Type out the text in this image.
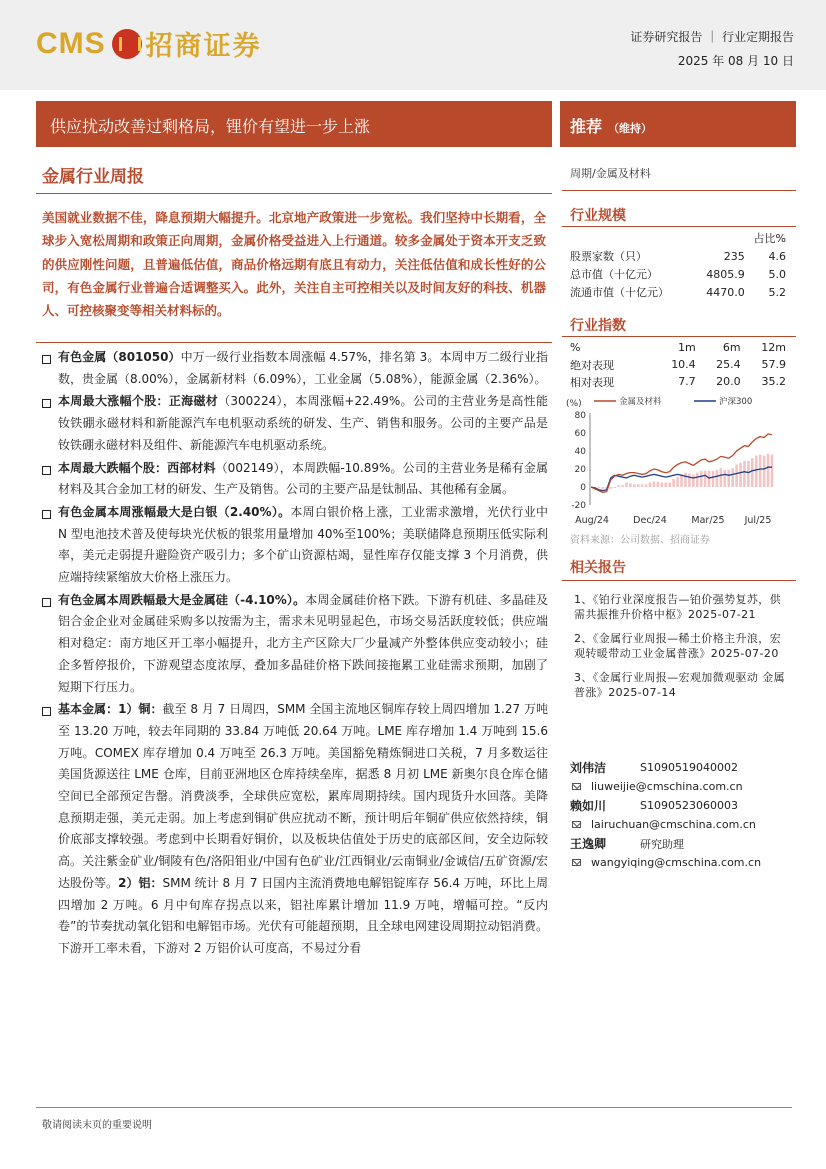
CMS 招商证券	证券研究报告 ｜ 行业定期报告
2025 年 08 月 10 日
供应扰动改善过剩格局，锂价有望进一步上涨	推荐 （维持）
金属行业周报
美国就业数据不佳，降息预期大幅提升。北京地产政策进一步宽松。我们坚持中长期看，全球步入宽松周期和政策正向周期，金属价格受益进入上行通道。较多金属处于资本开支乏致的供应刚性问题，且普遍低估值，商品价格远期有底且有动力，关注低估值和成长性好的公司，有色金属行业普遍合适调整买入。此外，关注自主可控相关以及时间友好的科技、机器人、可控核聚变等相关材料标的。
有色金属（801050）中万一级行业指数本周涨幅 4.57%，排名第 3。本周申万二级行业指数，贵金属（8.00%），金属新材料（6.09%），工业金属（5.08%），能源金属（2.36%）。
本周最大涨幅个股：正海磁材（300224），本周涨幅+22.49%。公司的主营业务是高性能钕铁硼永磁材料和新能源汽车电机驱动系统的研发、生产、销售和服务。公司的主要产品是钕铁硼永磁材料及组件、新能源汽车电机驱动系统。
本周最大跌幅个股：西部材料（002149），本周跌幅-10.89%。公司的主营业务是稀有金属材料及其合金加工材的研发、生产及销售。公司的主要产品是钛制品、其他稀有金属。
有色金属本周涨幅最大是白银（2.40%）。本周白银价格上涨，工业需求激增，光伏行业中 N 型电池技术普及使每块光伏板的银浆用量增加 40%至100%；美联储降息预期压低实际利率，美元走弱提升避险资产吸引力；多个矿山资源枯竭，显性库存仅能支撑 3 个月消费，供应端持续紧缩放大价格上涨压力。
有色金属本周跌幅最大是金属硅（-4.10%）。本周金属硅价格下跌。下游有机硅、多晶硅及铝合金企业对金属硅采购多以按需为主，需求未见明显起色，市场交易活跃度较低；供应端相对稳定：南方地区开工率小幅提升，北方主产区除大厂少量减产外整体供应变动较小；硅企多暂停报价，下游观望态度浓厚，叠加多晶硅价格下跌间接拖累工业硅需求预期，加剧了短期下行压力。
基本金属：1）铜：截至 8 月 7 日周四，SMM 全国主流地区铜库存较上周四增加 1.27 万吨至 13.20 万吨，较去年同期的 33.84 万吨低 20.64 万吨。LME 库存增加 1.4 万吨到 15.6 万吨。COMEX 库存增加 0.4 万吨至 26.3 万吨。美国豁免精炼铜进口关税，7 月多数运往美国货源送往 LME 仓库，目前亚洲地区仓库持续垒库，据悉 8 月初 LME 新奥尔良仓库仓储空间已全部预定告罄。消费淡季，全球供应宽松，累库周期持续。国内现货升水回落。美降息预期走强，美元走弱。加上考虑到铜矿供应扰动不断，预计明后年铜矿供应依然持续，铜价底部支撑较强。考虑到中长期看好铜价，以及板块估值处于历史的底部区间，安全边际较高。关注紫金矿业/铜陵有色/洛阳钼业/中国有色矿业/江西铜业/云南铜业/金诚信/五矿资源/宏达股份等。2）铝：SMM 统计 8 月 7 日国内主流消费地电解铝锭库存 56.4 万吨，环比上周四增加 2 万吨。6 月中旬库存拐点以来，铝社库累计增加 11.9 万吨，增幅可控。“反内卷”的节奏扰动氧化铝和电解铝市场。光伏有可能超预期，且全球电网建设周期拉动铝消费。下游开工率未看，下游对 2 万铝价认可度高，不易过分看
周期/金属及材料
行业规模
		占比%
股票家数（只）	235	4.6
总市值（十亿元）	4805.9	5.0
流通市值（十亿元）	4470.0	5.2
行业指数
%	1m	6m	12m
绝对表现	10.4	25.4	57.9
相对表现	7.7	20.0	35.2
(%)
80
60
40
20
0
-20
金属及材料	沪深300
Aug/24	Dec/24	Mar/25 Jul/25
资料来源：公司数据、招商证券
相关报告
1、《铂行业深度报告—铂价强势复苏，供需共振推升价格中枢》2025-07-21
2、《金属行业周报—稀土价格主升浪，宏观转暖带动工业金属普涨》2025-07-20
3、《金属行业周报—宏观加微观驱动 金属普涨》2025-07-14
刘伟洁	S1090519040002
liuweijie@cmschina.com.cn
赖如川	S1090523060003
lairuchuan@cmschina.com.cn
王逸卿	研究助理
wangyiqing@cmschina.com.cn
敬请阅读末页的重要说明
